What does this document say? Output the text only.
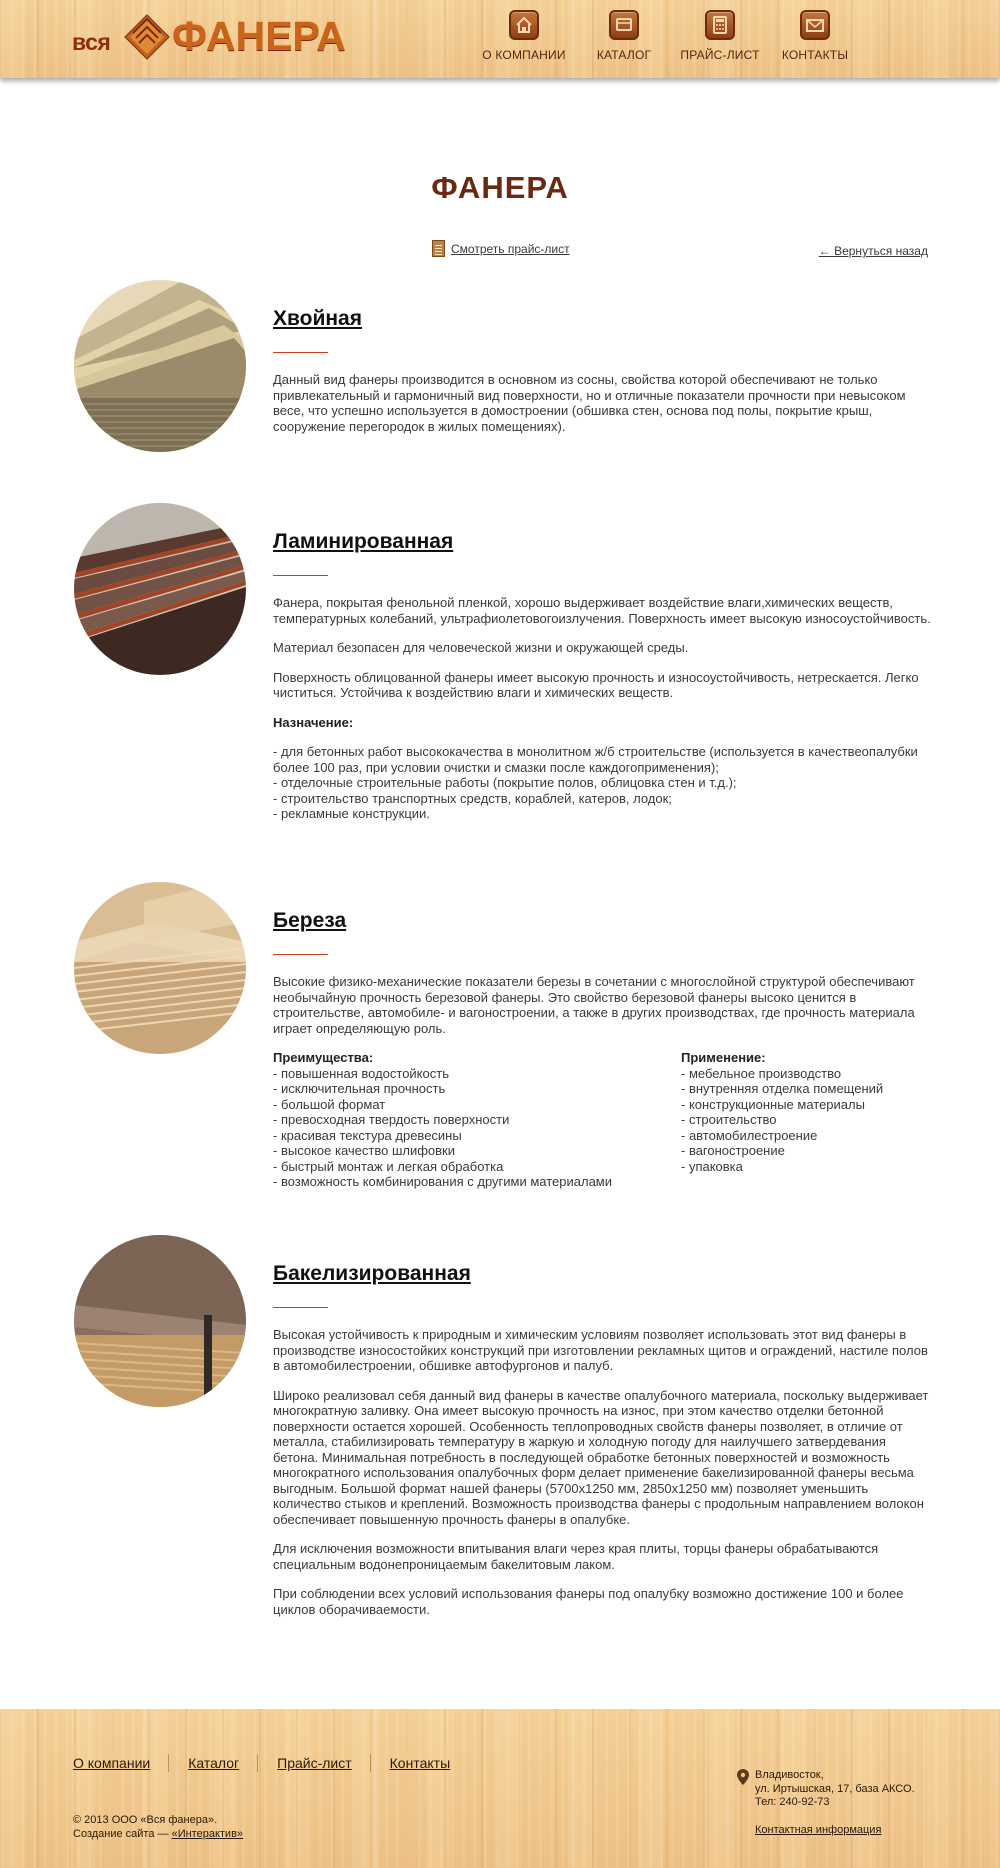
вся ФАНЕРА	О КОМПАНИИ	КАТАЛОГ ПРАЙС-ЛИСТ КОНТАКТЫ
ФАНЕРА
Смотреть прайс-лист	← Вернуться назад
Хвойная

Данный вид фанеры производится в основном из сосны, свойства которой обеспечивают не только привлекательный и гармоничный вид поверхности, но и отличные показатели прочности при невысоком весе, что успешно используется в домостроении (обшивка стен, основа под полы, покрытие крыш, сооружение перегородок в жилых помещениях).

Ламинированная

Фанера, покрытая фенольной пленкой, хорошо выдерживает воздействие влаги,химических веществ, температурных колебаний, ультрафиолетовогоизлучения. Поверхность имеет высокую износоустойчивость.

Материал безопасен для человеческой жизни и окружающей среды.

Поверхность облицованной фанеры имеет высокую прочность и износоустойчивость, нетрескается. Легко чиститься. Устойчива к воздействию влаги и химических веществ.

Назначение:

- для бетонных работ высококачества в монолитном ж/б строительстве (используется в качествеопалубки более 100 раз, при условии очистки и смазки после каждогоприменения);
- отделочные строительные работы (покрытие полов, облицовка стен и т.д.);
- строительство транспортных средств, кораблей, катеров, лодок;
- рекламные конструкции.
Береза

Высокие физико-механические показатели березы в сочетании с многослойной структурой обеспечивают необычайную прочность березовой фанеры. Это свойство березовой фанеры высоко ценится в строительстве, автомобиле- и вагоностроении, а также в других производствах, где прочность материала играет определяющую роль.

Преимущества:
- повышенная водостойкость
- исключительная прочность
- большой формат
- превосходная твердость поверхности
- красивая текстура древесины
- высокое качество шлифовки
- быстрый монтаж и легкая обработка
- возможность комбинирования с другими материалами
Применение:
- мебельное производство
- внутренняя отделка помещений
- конструкционные материалы
- строительство
- автомобилестроение
- вагоностроение
- упаковка
Бакелизированная

Высокая устойчивость к природным и химическим условиям позволяет использовать этот вид фанеры в производстве износостойких конструкций при изготовлении рекламных щитов и ограждений, настиле полов в автомобилестроении, обшивке автофургонов и палуб.

Широко реализовал себя данный вид фанеры в качестве опалубочного материала, поскольку выдерживает многократную заливку. Она имеет высокую прочность на износ, при этом качество отделки бетонной поверхности остается хорошей. Особенность теплопроводных свойств фанеры позволяет, в отличие от металла, стабилизировать температуру в жаркую и холодную погоду для наилучшего затвердевания бетона. Минимальная потребность в последующей обработке бетонных поверхностей и возможность многократного использования опалубочных форм делает применение бакелизированной фанеры весьма выгодным. Большой формат нашей фанеры (5700x1250 мм, 2850x1250 мм) позволяет уменьшить количество стыков и креплений. Возможность производства фанеры с продольным направлением волокон обеспечивает повышенную прочность фанеры в опалубке.

Для исключения возможности впитывания влаги через края плиты, торцы фанеры обрабатываются специальным водонепроницаемым бакелитовым лаком.

При соблюдении всех условий использования фанеры под опалубку возможно достижение 100 и более циклов оборачиваемости.

О компании	Каталог	Прайс-лист	Контакты
© 2013 ООО «Вся фанера».
Создание сайта — «Интерактив»
Владивосток,
ул. Иртышская, 17, база АКСО.
Тел: 240-92-73
Контактная информация
